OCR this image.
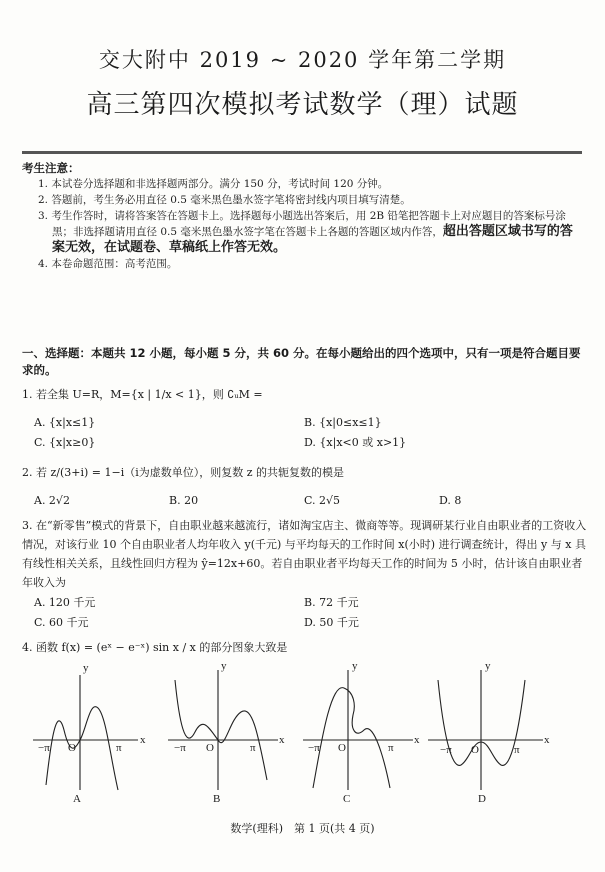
交大附中 2019 ~ 2020 学年第二学期
高三第四次模拟考试数学（理）试题
考生注意：
1. 本试卷分选择题和非选择题两部分。满分 150 分，考试时间 120 分钟。
2. 答题前，考生务必用直径 0.5 毫米黑色墨水签字笔将密封线内项目填写清楚。
3. 考生作答时，请将答案答在答题卡上。选择题每小题选出答案后，用 2B 铅笔把答题卡上对应题目的答案标号涂黑；非选择题请用直径 0.5 毫米黑色墨水签字笔在答题卡上各题的答题区域内作答，超出答题区域书写的答案无效，在试题卷、草稿纸上作答无效。
4. 本卷命题范围：高考范围。
一、选择题：本题共 12 小题，每小题 5 分，共 60 分。在每小题给出的四个选项中，只有一项是符合题目要求的。
1. 若全集 U=R，M={x | 1/x < 1}，则 ∁ᵤM =
A. {x|x≤1}	B. {x|0≤x≤1}
C. {x|x≥0}	D. {x|x<0 或 x>1}
2. 若 z/(3+i) = 1−i（i为虚数单位），则复数 z 的共轭复数的模是
A. 2√2	B. 20	C. 2√5	D. 8
3. 在“新零售”模式的背景下，自由职业越来越流行，诸如淘宝店主、微商等等。现调研某行业自由职业者的工资收入情况，对该行业 10 个自由职业者人均年收入 y(千元) 与平均每天的工作时间 x(小时) 进行调查统计，得出 y 与 x 具有线性相关关系，且线性回归方程为 ŷ=12x+60。若自由职业者平均每天工作的时间为 5 小时，估计该自由职业者年收入为
A. 120 千元	B. 72 千元
C. 60 千元	D. 50 千元
4. 函数 f(x) = (eˣ − e⁻ˣ) sin x / x 的部分图象大致是
y
x
O
−π	π
y
x
O
−π	π
y
x
O
−π	π
y
x
O
−π	π
A	B	C	D
数学(理科)　第 1 页(共 4 页)
